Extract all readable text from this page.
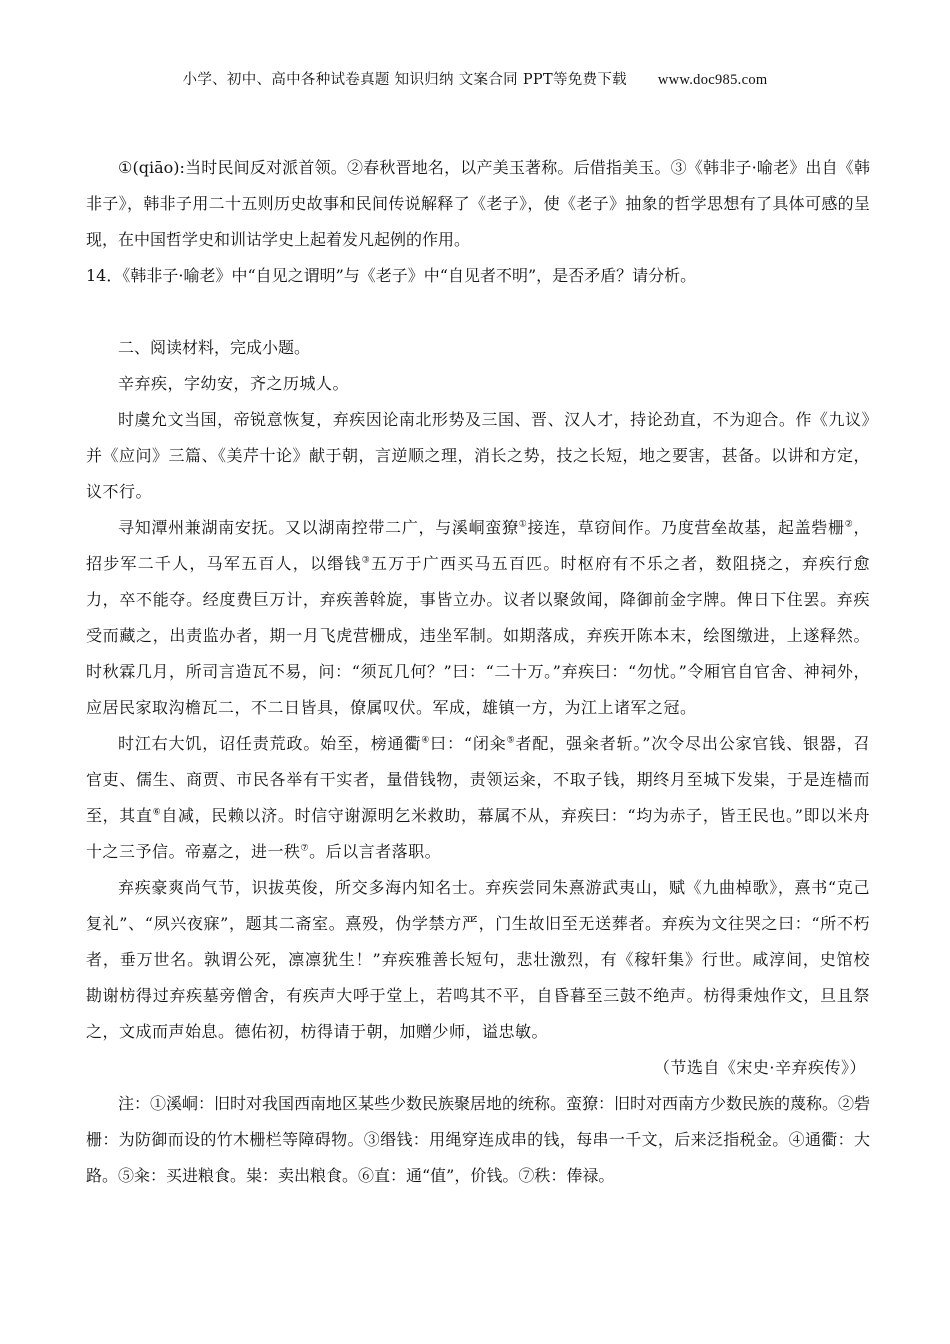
小学、初中、高中各种试卷真题 知识归纳 文案合同 PPT等免费下载 www.doc985.com

①(qiāo):当时民间反对派首领。②春秋晋地名，以产美玉著称。后借指美玉。③《韩非子·喻老》出自《韩非子》，韩非子用二十五则历史故事和民间传说解释了《老子》，使《老子》抽象的哲学思想有了具体可感的呈现，在中国哲学史和训诂学史上起着发凡起例的作用。

14．《韩非子·喻老》中“自见之谓明”与《老子》中“自见者不明”，是否矛盾？请分析。

二、阅读材料，完成小题。

辛弃疾，字幼安，齐之历城人。

时虞允文当国，帝锐意恢复，弃疾因论南北形势及三国、晋、汉人才，持论劲直，不为迎合。作《九议》并《应问》三篇、《美芹十论》献于朝，言逆顺之理，消长之势，技之长短，地之要害，甚备。以讲和方定，议不行。

寻知潭州兼湖南安抚。又以湖南控带二广，与溪峒蛮獠①接连，草窃间作。乃度营垒故基，起盖砦栅②，招步军二千人，马军五百人，以缗钱③五万于广西买马五百匹。时枢府有不乐之者，数阻挠之，弃疾行愈力，卒不能夺。经度费巨万计，弃疾善斡旋，事皆立办。议者以聚敛闻，降御前金字牌。俾日下住罢。弃疾受而藏之，出责监办者，期一月飞虎营栅成，违坐军制。如期落成，弃疾开陈本末，绘图缴进，上遂释然。时秋霖几月，所司言造瓦不易，问：“须瓦几何？”曰：“二十万。”弃疾曰：“勿忧。”令厢官自官舍、神祠外，应居民家取沟檐瓦二，不二日皆具，僚属叹伏。军成，雄镇一方，为江上诸军之冠。

时江右大饥，诏任责荒政。始至，榜通衢④曰：“闭籴⑤者配，强籴者斩。”次令尽出公家官钱、银器，召官吏、儒生、商贾、市民各举有干实者，量借钱物，责领运籴，不取子钱，期终月至城下发粜，于是连樯而至，其直⑥自减，民赖以济。时信守谢源明乞米救助，幕属不从，弃疾曰：“均为赤子，皆王民也。”即以米舟十之三予信。帝嘉之，进一秩⑦。后以言者落职。

弃疾豪爽尚气节，识拔英俊，所交多海内知名士。弃疾尝同朱熹游武夷山，赋《九曲棹歌》，熹书“克己复礼”、“夙兴夜寐”，题其二斋室。熹殁，伪学禁方严，门生故旧至无送葬者。弃疾为文往哭之曰：“所不朽者，垂万世名。孰谓公死，凛凛犹生！”弃疾雅善长短句，悲壮激烈，有《稼轩集》行世。咸淳间，史馆校勘谢枋得过弃疾墓旁僧舍，有疾声大呼于堂上，若鸣其不平，自昏暮至三鼓不绝声。枋得秉烛作文，旦且祭之，文成而声始息。德佑初，枋得请于朝，加赠少师，谥忠敏。

（节选自《宋史·辛弃疾传》）

注：①溪峒：旧时对我国西南地区某些少数民族聚居地的统称。蛮獠：旧时对西南方少数民族的蔑称。②砦栅：为防御而设的竹木栅栏等障碍物。③缗钱：用绳穿连成串的钱，每串一千文，后来泛指税金。④通衢：大路。⑤籴：买进粮食。粜：卖出粮食。⑥直：通“值”，价钱。⑦秩：俸禄。
